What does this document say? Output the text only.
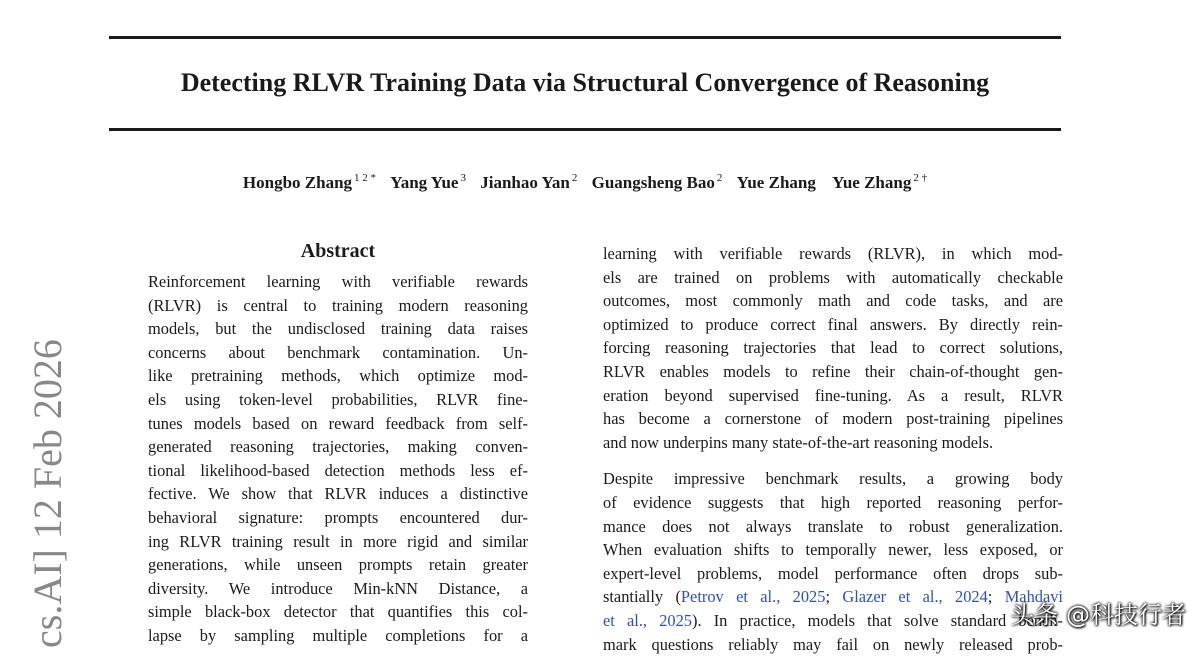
Detecting RLVR Training Data via Structural Convergence of Reasoning
Hongbo Zhang $^{1 2 *}$ Yang Yue $^3$ Jianhao Yan $^2$ Guangsheng Bao $^2$ Yue Zhang Yue Zhang $^{2 \dagger}$
cs.AI] 12 Feb 2026
Abstract
Reinforcement learning with verifiable rewards
(RLVR) is central to training modern reasoning
models, but the undisclosed training data raises
concerns about benchmark contamination. Un-
like pretraining methods, which optimize mod-
els using token-level probabilities, RLVR fine-
tunes models based on reward feedback from self-
generated reasoning trajectories, making conven-
tional likelihood-based detection methods less ef-
fective. We show that RLVR induces a distinctive
behavioral signature: prompts encountered dur-
ing RLVR training result in more rigid and similar
generations, while unseen prompts retain greater
diversity. We introduce Min-kNN Distance, a
simple black-box detector that quantifies this col-
lapse by sampling multiple completions for a
learning with verifiable rewards (RLVR), in which mod-
els are trained on problems with automatically checkable
outcomes, most commonly math and code tasks, and are
optimized to produce correct final answers. By directly rein-
forcing reasoning trajectories that lead to correct solutions,
RLVR enables models to refine their chain-of-thought gen-
eration beyond supervised fine-tuning. As a result, RLVR
has become a cornerstone of modern post-training pipelines
and now underpins many state-of-the-art reasoning models.
Despite impressive benchmark results, a growing body
of evidence suggests that high reported reasoning perfor-
mance does not always translate to robust generalization.
When evaluation shifts to temporally newer, less exposed, or
expert-level problems, model performance often drops sub-
stantially (Petrov et al., 2025; Glazer et al., 2024; Mahdavi
et al., 2025). In practice, models that solve standard bench-
mark questions reliably may fail on newly released prob-
头条 @科技行者
